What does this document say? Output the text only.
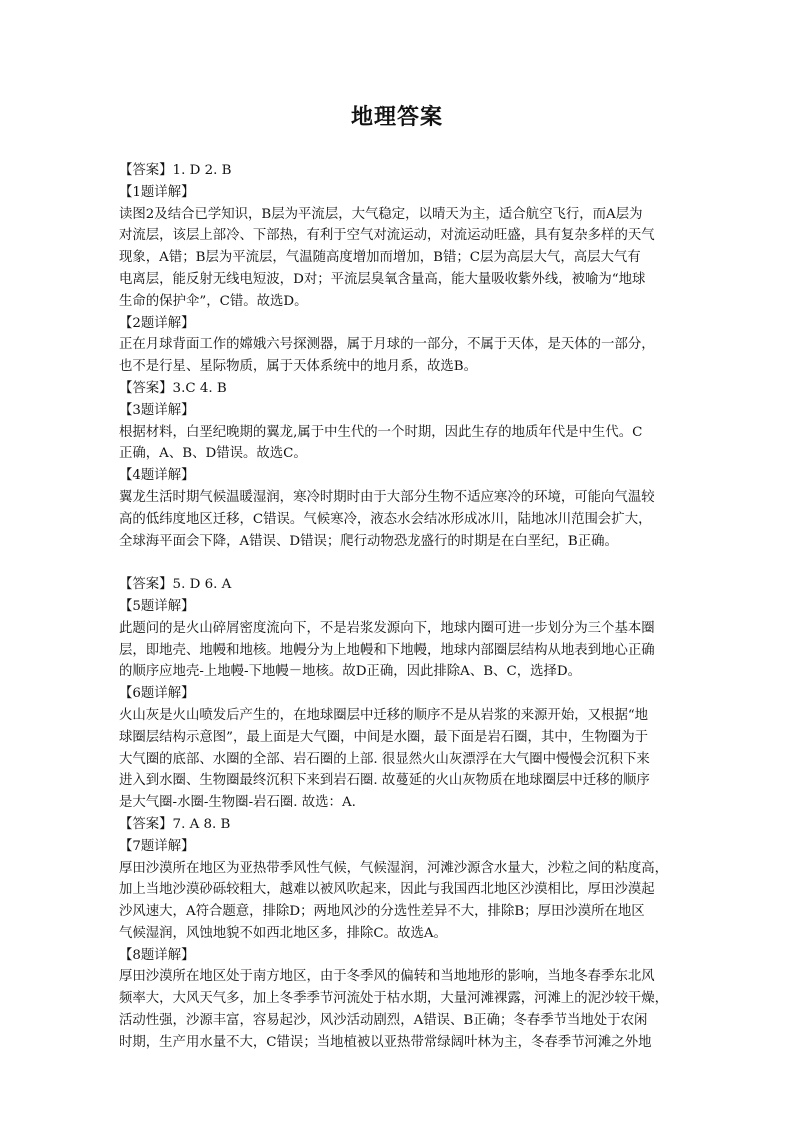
地理答案
【答案】1. D 2. B
【1题详解】
读图2及结合已学知识，B层为平流层，大气稳定，以晴天为主，适合航空飞行，而A层为
对流层，该层上部冷、下部热，有利于空气对流运动，对流运动旺盛，具有复杂多样的天气
现象，A错；B层为平流层，气温随高度增加而增加，B错；C层为高层大气，高层大气有
电离层，能反射无线电短波，D对；平流层臭氧含量高，能大量吸收紫外线，被喻为“地球
生命的保护伞”，C错。故选D。
【2题详解】
正在月球背面工作的嫦娥六号探测器，属于月球的一部分，不属于天体，是天体的一部分，
也不是行星、星际物质，属于天体系统中的地月系，故选B。
【答案】3.C 4. B
【3题详解】
根据材料，白垩纪晚期的翼龙,属于中生代的一个时期，因此生存的地质年代是中生代。C
正确，A、B、D错误。故选C。
【4题详解】
翼龙生活时期气候温暖湿润，寒冷时期时由于大部分生物不适应寒冷的环境，可能向气温较
高的低纬度地区迁移，C错误。气候寒冷，液态水会结冰形成冰川，陆地冰川范围会扩大，
全球海平面会下降，A错误、D错误；爬行动物恐龙盛行的时期是在白垩纪，B正确。
【答案】5. D 6. A
【5题详解】
此题问的是火山碎屑密度流向下，不是岩浆发源向下，地球内圈可进一步划分为三个基本圈
层，即地壳、地幔和地核。地幔分为上地幔和下地幔，地球内部圈层结构从地表到地心正确
的顺序应地壳-上地幔-下地幔－地核。故D正确，因此排除A、B、C，选择D。
【6题详解】
火山灰是火山喷发后产生的，在地球圈层中迁移的顺序不是从岩浆的来源开始，又根据“地
球圈层结构示意图”，最上面是大气圈，中间是水圈，最下面是岩石圈，其中，生物圈为于
大气圈的底部、水圈的全部、岩石圈的上部. 很显然火山灰漂浮在大气圈中慢慢会沉积下来
进入到水圈、生物圈最终沉积下来到岩石圈. 故蔓延的火山灰物质在地球圈层中迁移的顺序
是大气圈-水圈-生物圈-岩石圈. 故选：A.
【答案】7. A 8. B
【7题详解】
厚田沙漠所在地区为亚热带季风性气候，气候湿润，河滩沙源含水量大，沙粒之间的粘度高，
加上当地沙漠砂砾较粗大，越难以被风吹起来，因此与我国西北地区沙漠相比，厚田沙漠起
沙风速大，A符合题意，排除D；两地风沙的分选性差异不大，排除B；厚田沙漠所在地区
气候湿润，风蚀地貌不如西北地区多，排除C。故选A。
【8题详解】
厚田沙漠所在地区处于南方地区，由于冬季风的偏转和当地地形的影响，当地冬春季东北风
频率大，大风天气多，加上冬季季节河流处于枯水期，大量河滩裸露，河滩上的泥沙较干燥，
活动性强，沙源丰富，容易起沙，风沙活动剧烈，A错误、B正确；冬春季节当地处于农闲
时期，生产用水量不大，C错误；当地植被以亚热带常绿阔叶林为主，冬春季节河滩之外地
